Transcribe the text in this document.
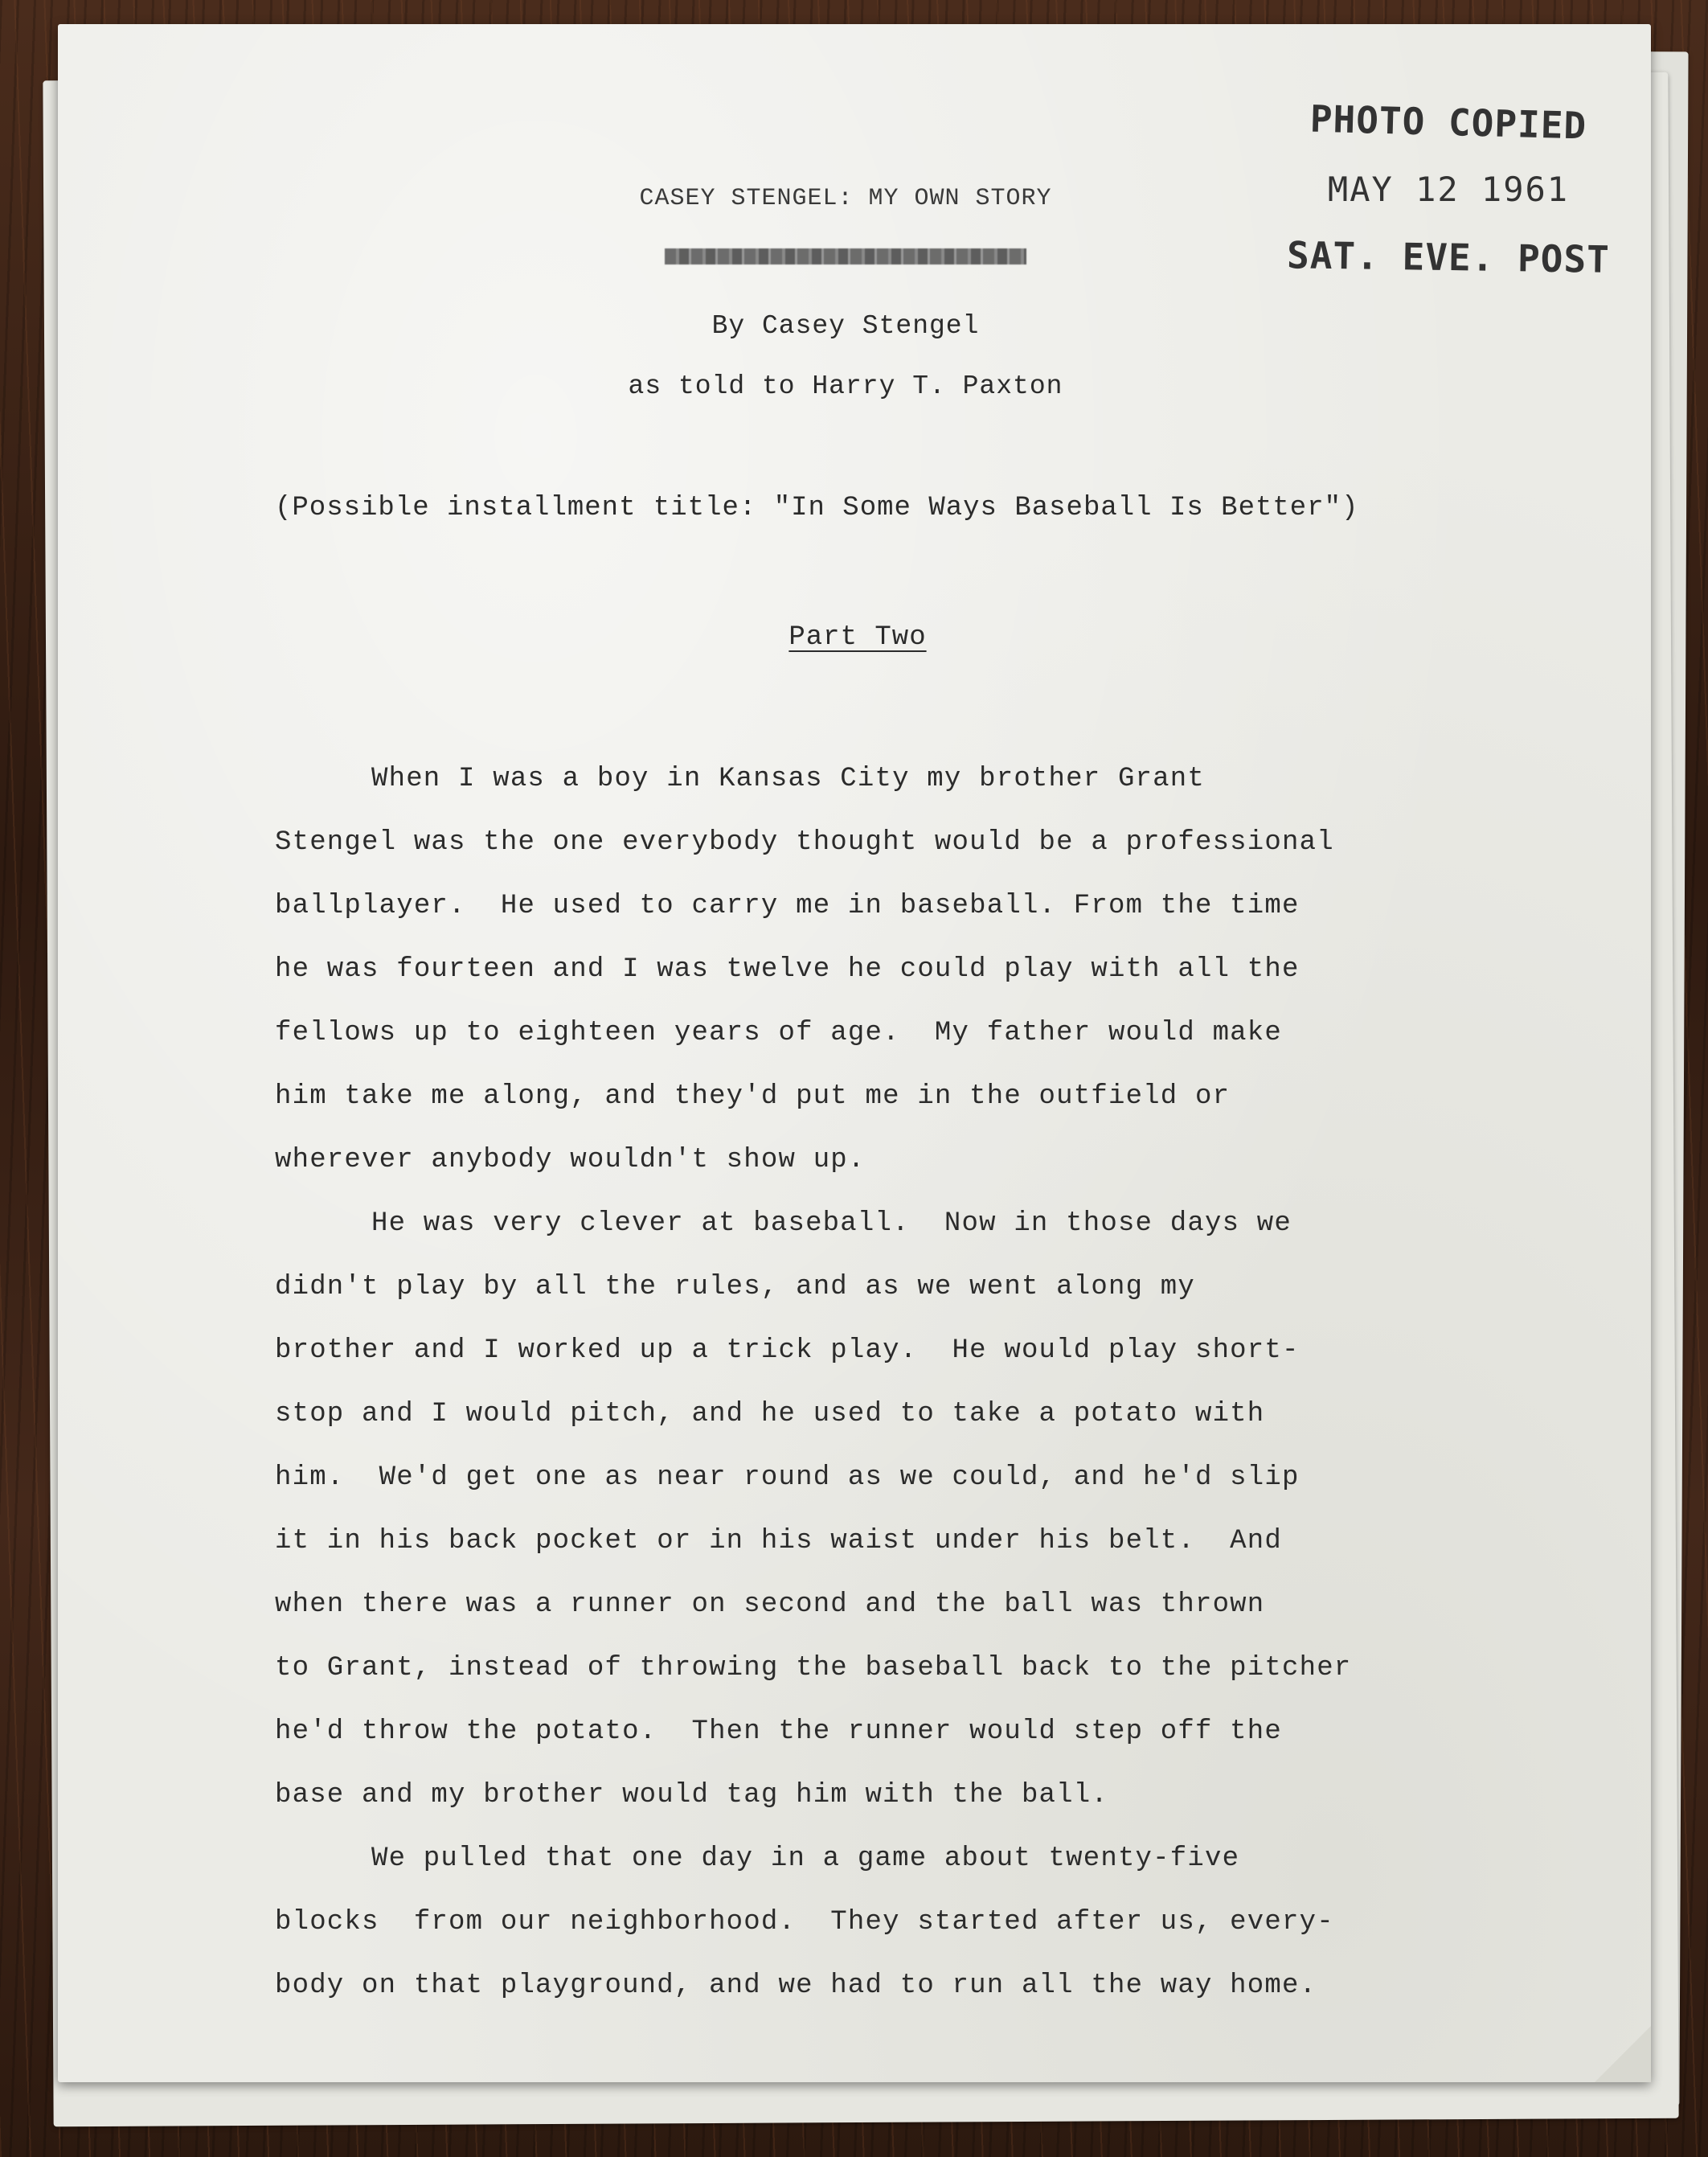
PHOTO COPIED
MAY 12 1961
SAT. EVE. POST
CASEY STENGEL: MY OWN STORY
By Casey Stengel
as told to Harry T. Paxton
(Possible installment title: "In Some Ways Baseball Is Better")
Part Two
When I was a boy in Kansas City my brother Grant
Stengel was the one everybody thought would be a professional
ballplayer.  He used to carry me in baseball. From the time
he was fourteen and I was twelve he could play with all the
fellows up to eighteen years of age.  My father would make
him take me along, and they'd put me in the outfield or
wherever anybody wouldn't show up.
He was very clever at baseball.  Now in those days we
didn't play by all the rules, and as we went along my
brother and I worked up a trick play.  He would play short-
stop and I would pitch, and he used to take a potato with
him.  We'd get one as near round as we could, and he'd slip
it in his back pocket or in his waist under his belt.  And
when there was a runner on second and the ball was thrown
to Grant, instead of throwing the baseball back to the pitcher
he'd throw the potato.  Then the runner would step off the
base and my brother would tag him with the ball.
We pulled that one day in a game about twenty-five
blocks  from our neighborhood.  They started after us, every-
body on that playground, and we had to run all the way home.
